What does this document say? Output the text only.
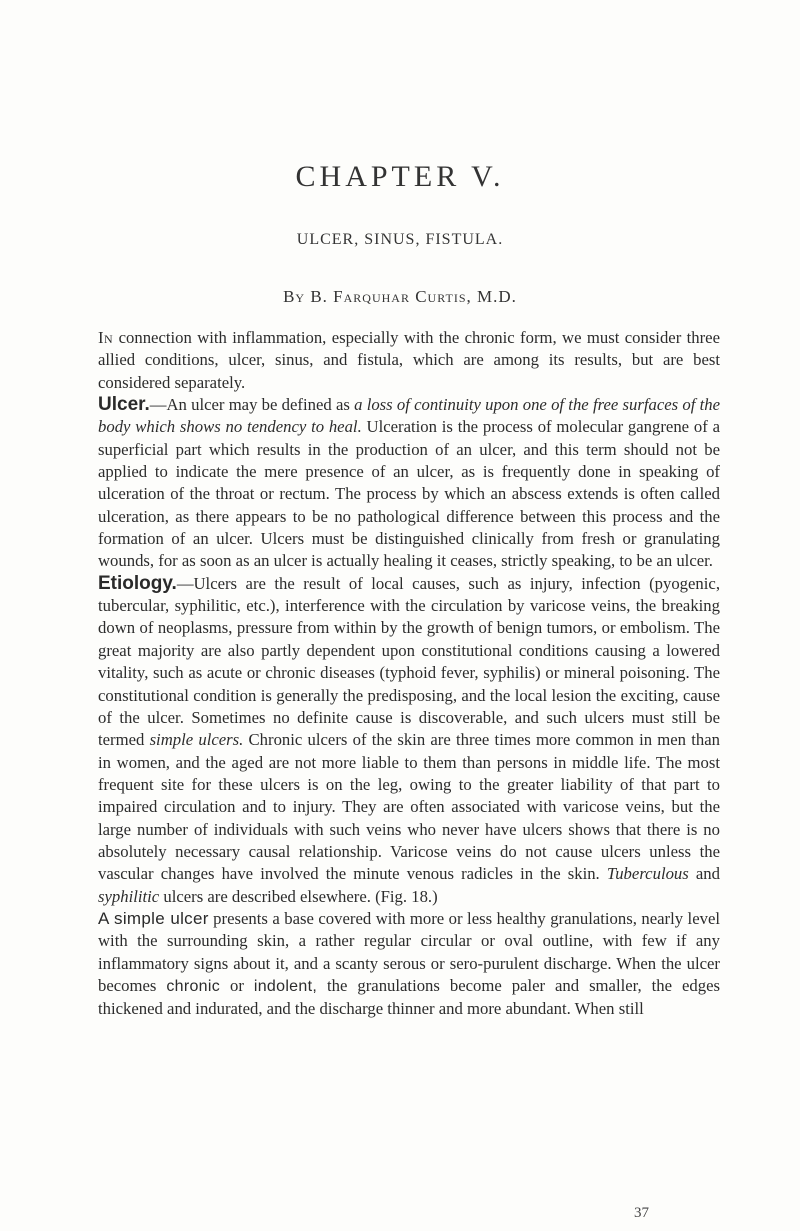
CHAPTER V.
ULCER, SINUS, FISTULA.
By B. Farquhar Curtis, M.D.

In connection with inflammation, especially with the chronic form, we must consider three allied conditions, ulcer, sinus, and fistula, which are among its results, but are best considered separately.

Ulcer.—An ulcer may be defined as a loss of continuity upon one of the free surfaces of the body which shows no tendency to heal. Ulceration is the process of molecular gangrene of a superficial part which results in the production of an ulcer, and this term should not be applied to indicate the mere presence of an ulcer, as is frequently done in speaking of ulceration of the throat or rectum. The process by which an abscess extends is often called ulceration, as there appears to be no pathological difference between this process and the formation of an ulcer. Ulcers must be distinguished clinically from fresh or granulating wounds, for as soon as an ulcer is actually healing it ceases, strictly speaking, to be an ulcer.

Etiology.—Ulcers are the result of local causes, such as injury, infection (pyogenic, tubercular, syphilitic, etc.), interference with the circulation by varicose veins, the breaking down of neoplasms, pressure from within by the growth of benign tumors, or embolism. The great majority are also partly dependent upon constitutional conditions causing a lowered vitality, such as acute or chronic diseases (typhoid fever, syphilis) or mineral poisoning. The constitutional condition is generally the predisposing, and the local lesion the exciting, cause of the ulcer. Sometimes no definite cause is discoverable, and such ulcers must still be termed simple ulcers. Chronic ulcers of the skin are three times more common in men than in women, and the aged are not more liable to them than persons in middle life. The most frequent site for these ulcers is on the leg, owing to the greater liability of that part to impaired circulation and to injury. They are often associated with varicose veins, but the large number of individuals with such veins who never have ulcers shows that there is no absolutely necessary causal relationship. Varicose veins do not cause ulcers unless the vascular changes have involved the minute venous radicles in the skin. Tuberculous and syphilitic ulcers are described elsewhere. (Fig. 18.)

A simple ulcer presents a base covered with more or less healthy granulations, nearly level with the surrounding skin, a rather regular circular or oval outline, with few if any inflammatory signs about it, and a scanty serous or sero-purulent discharge. When the ulcer becomes chronic or indolent, the granulations become paler and smaller, the edges thickened and indurated, and the discharge thinner and more abundant. When still

37
